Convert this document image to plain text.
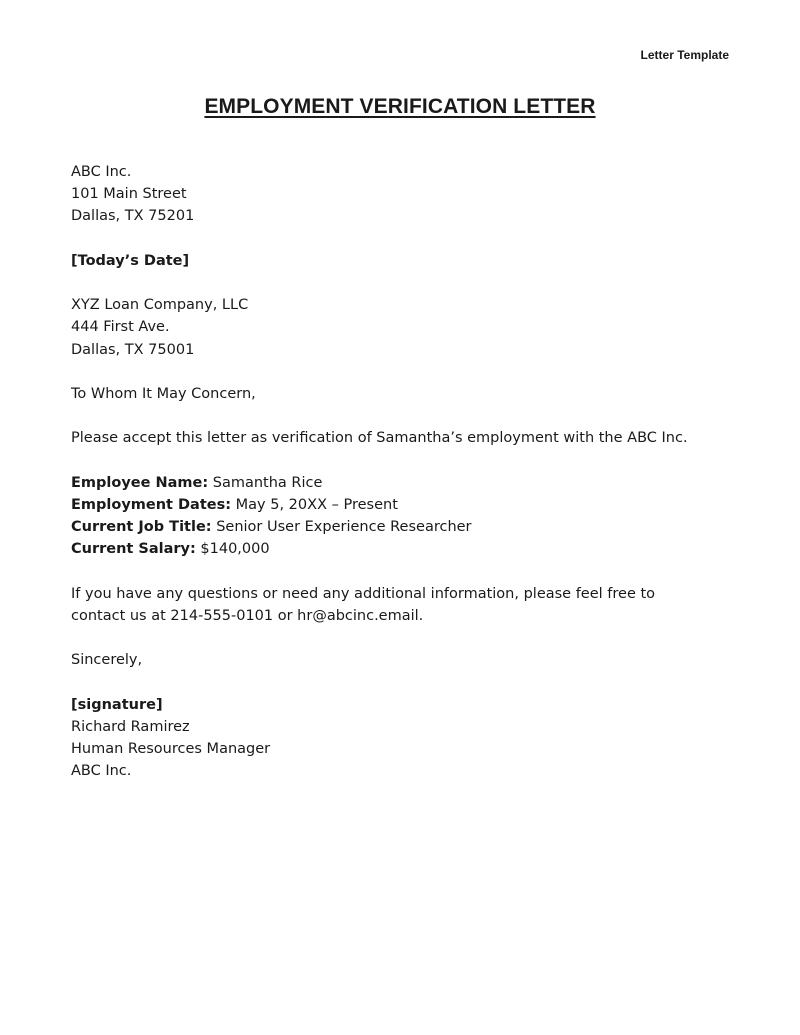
Letter Template
EMPLOYMENT VERIFICATION LETTER
ABC Inc.
101 Main Street
Dallas, TX 75201
[Today’s Date]
XYZ Loan Company, LLC
444 First Ave.
Dallas, TX 75001
To Whom It May Concern,
Please accept this letter as verification of Samantha’s employment with the ABC Inc.
Employee Name: Samantha Rice
Employment Dates: May 5, 20XX – Present
Current Job Title: Senior User Experience Researcher
Current Salary: $140,000
If you have any questions or need any additional information, please feel free to
contact us at 214-555-0101 or hr@abcinc.email.
Sincerely,
[signature]
Richard Ramirez
Human Resources Manager
ABC Inc.
